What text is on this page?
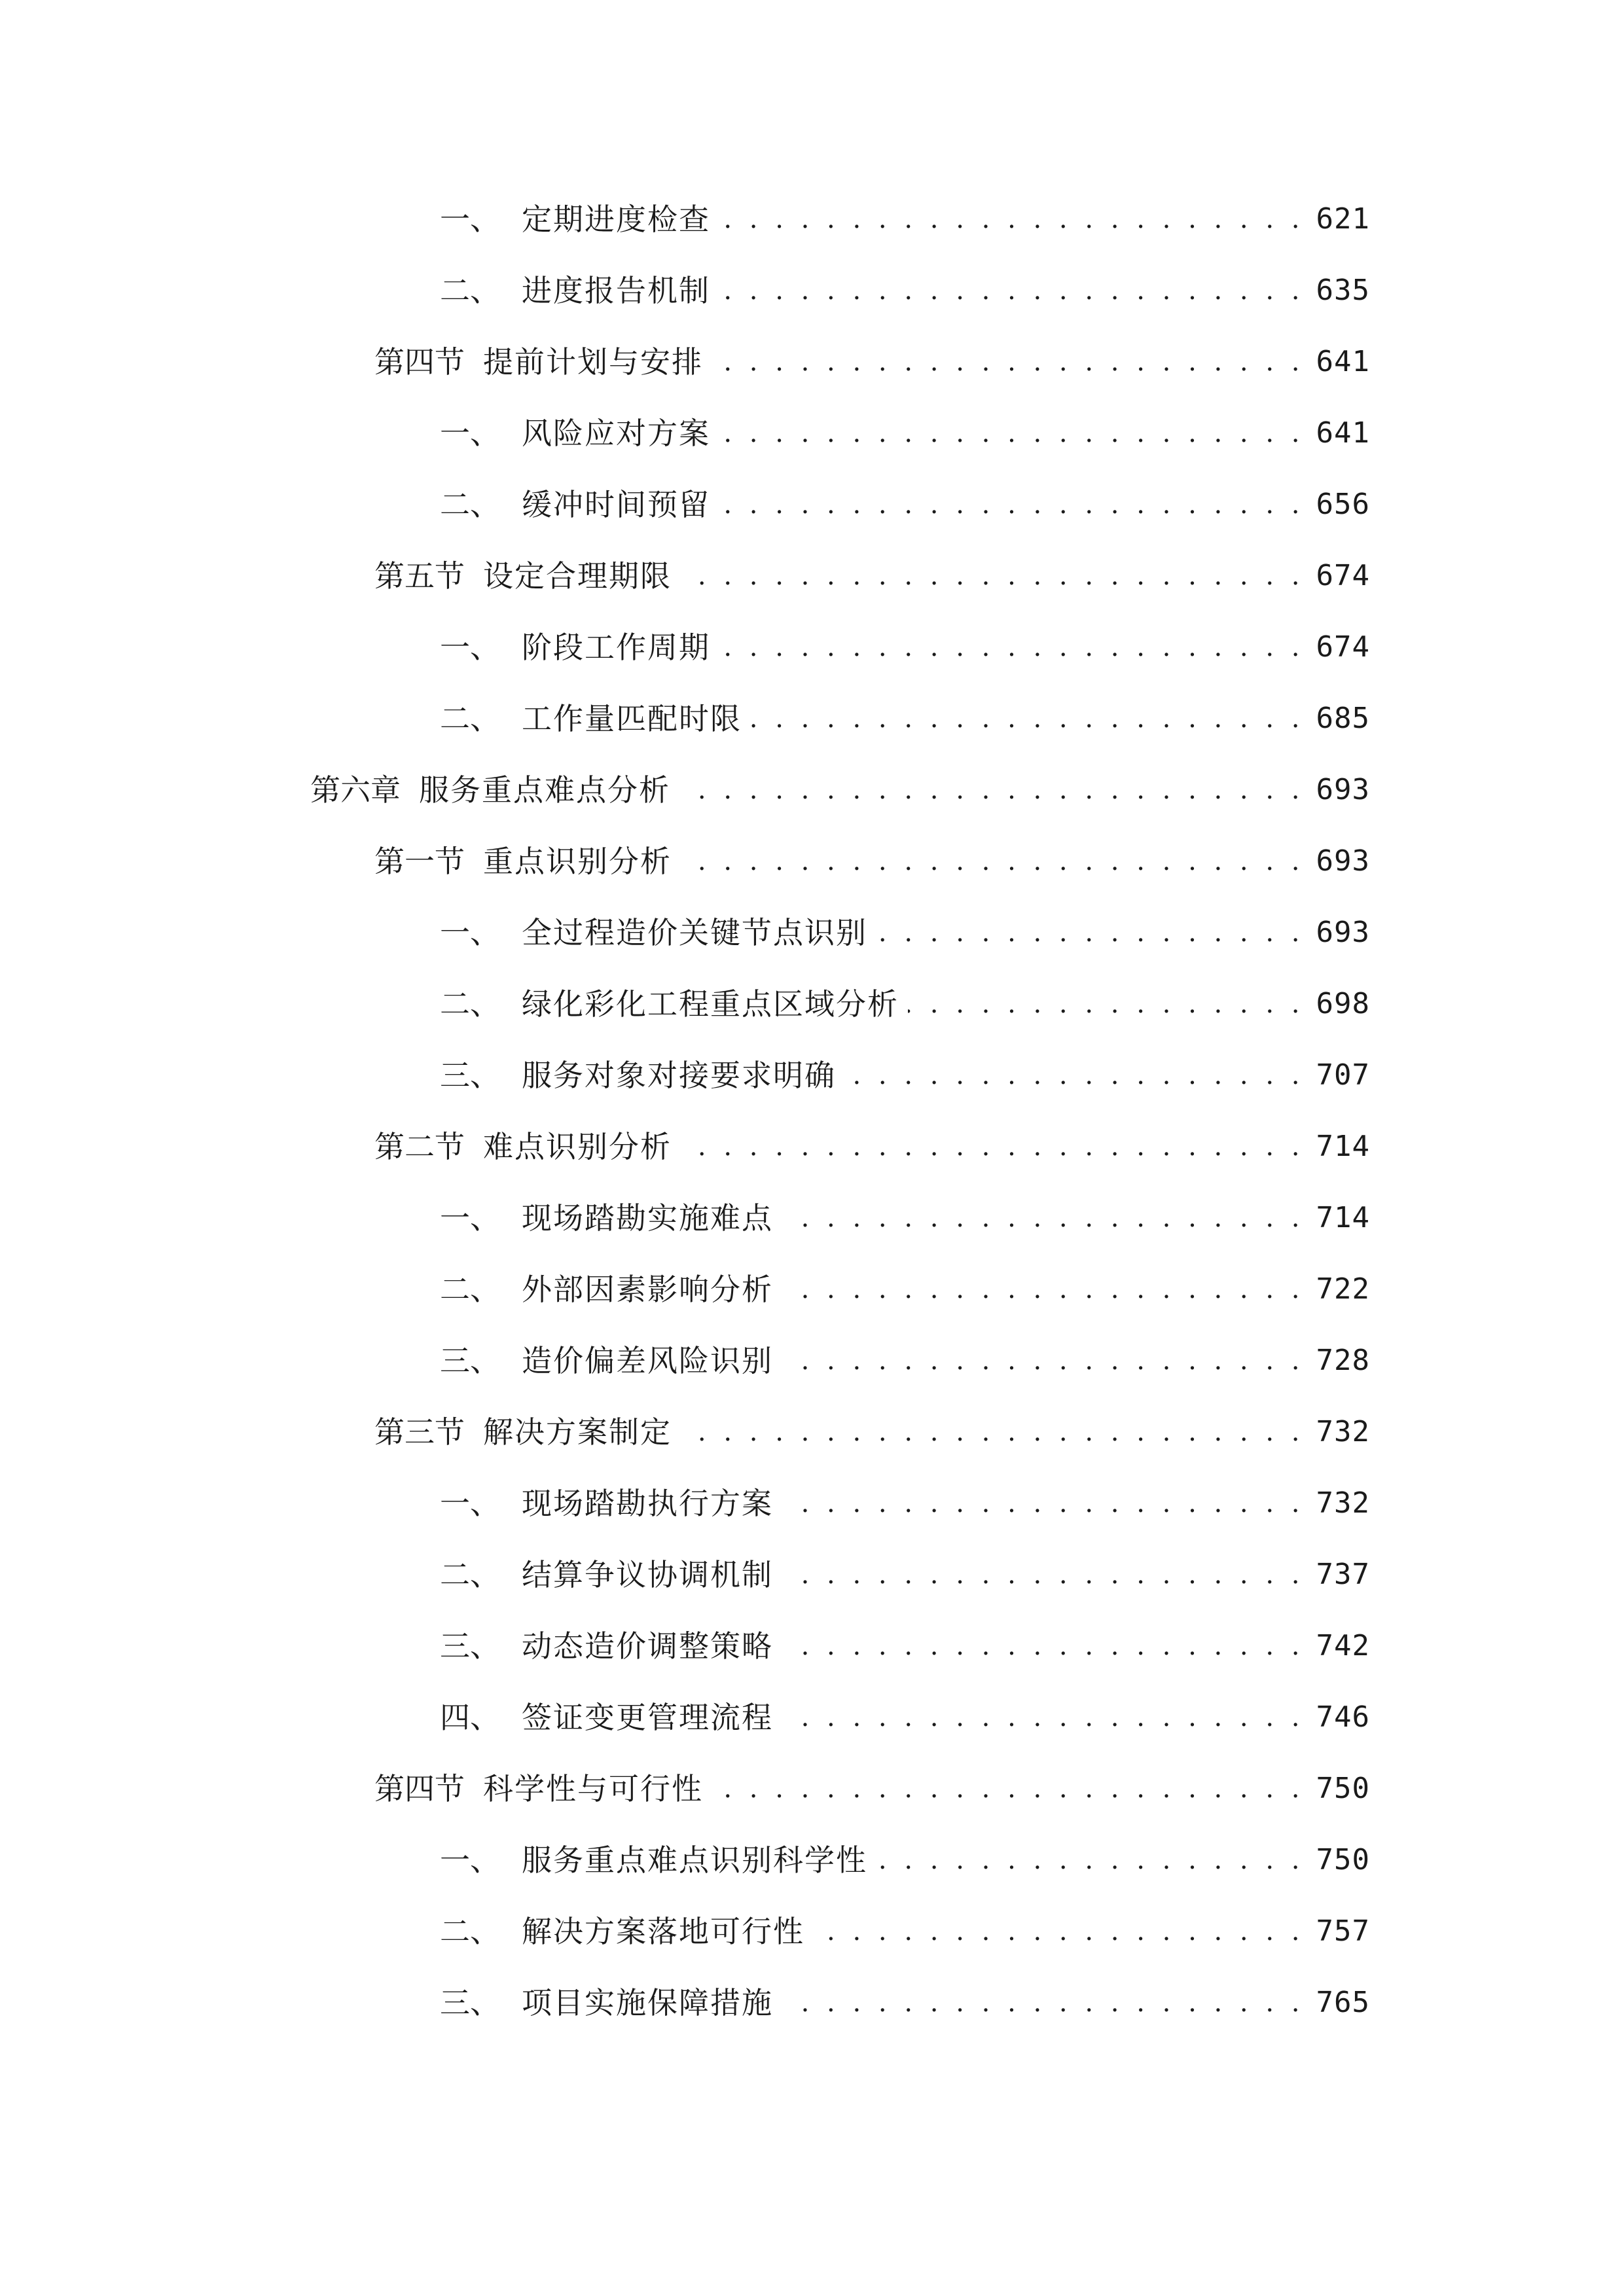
一、 定期进度检查 . . .	621
二、 进度报告机制 . . .	635
第四节 提前计划与安排 . . .	641
一、 风险应对方案 . . .	641
二、 缓冲时间预留 . . .	656
第五节 设定合理期限 . . .	674
一、 阶段工作周期 . . .	674
二、 工作量匹配时限 . . .	685
第六章 服务重点难点分析 . . .	693
第一节 重点识别分析 . . .	693
一、 全过程造价关键节点识别 . . .	693
二、 绿化彩化工程重点区域分析 . . .	698
三、 服务对象对接要求明确 . . .	707
第二节 难点识别分析 . . .	714
一、 现场踏勘实施难点 . . .	714
二、 外部因素影响分析 . . .	722
三、 造价偏差风险识别 . . .	728
第三节 解决方案制定 . . .	732
一、 现场踏勘执行方案 . . .	732
二、 结算争议协调机制 . . .	737
三、 动态造价调整策略 . . .	742
四、 签证变更管理流程 . . .	746
第四节 科学性与可行性 . . .	750
一、 服务重点难点识别科学性 . . .	750
二、 解决方案落地可行性 . . .	757
三、 项目实施保障措施 . . .	765
